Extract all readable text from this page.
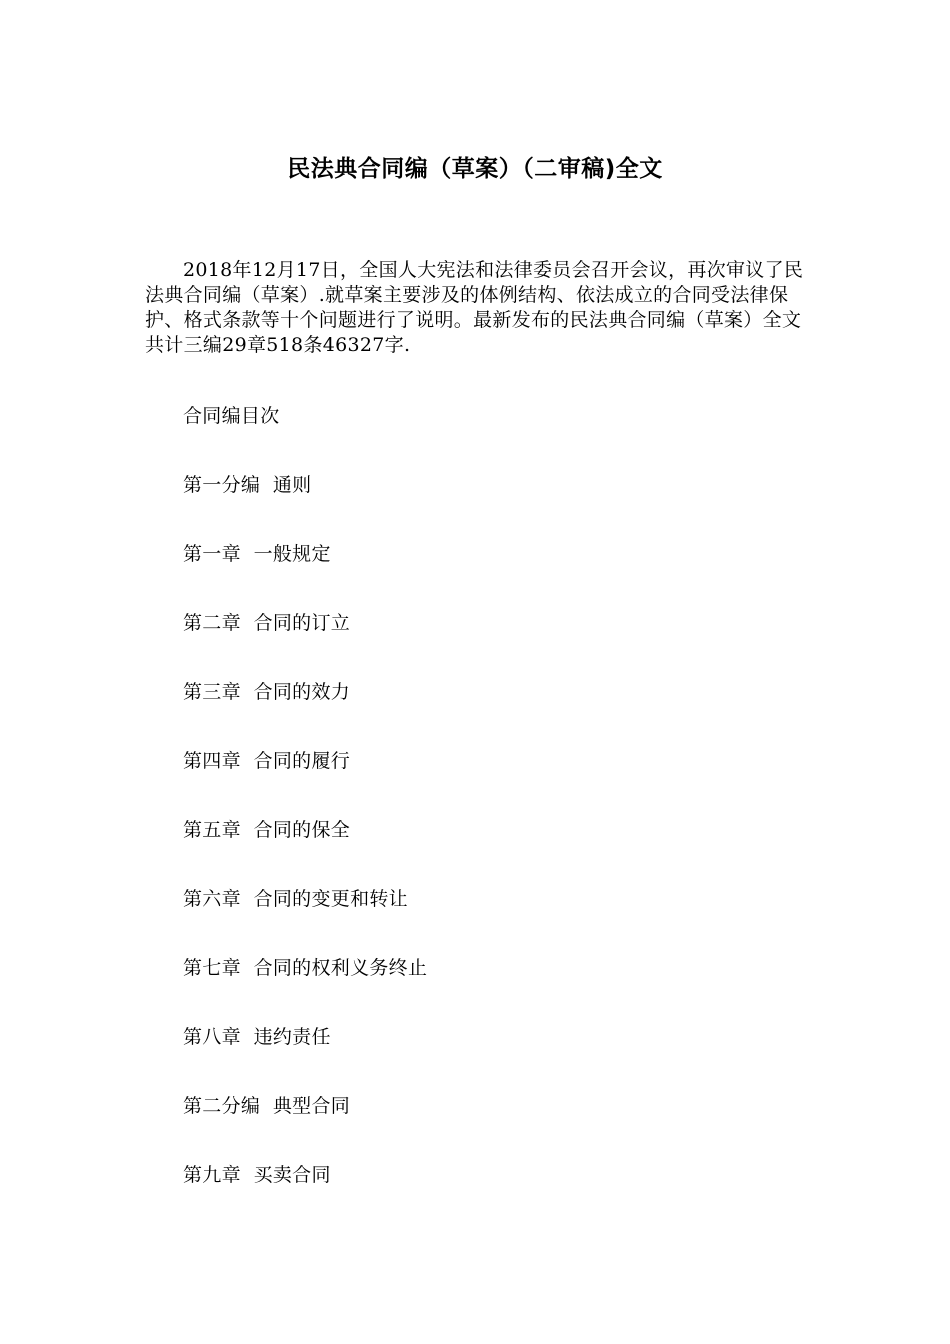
民法典合同编（草案）（二审稿)全文

2018年12月17日，全国人大宪法和法律委员会召开会议，再次审议了民法典合同编（草案）.就草案主要涉及的体例结构、依法成立的合同受法律保护、格式条款等十个问题进行了说明。最新发布的民法典合同编（草案）全文共计三编29章518条46327字.

合同编目次
第一分编  通则
第一章  一般规定
第二章  合同的订立
第三章  合同的效力
第四章  合同的履行
第五章  合同的保全
第六章  合同的变更和转让
第七章  合同的权利义务终止
第八章  违约责任
第二分编  典型合同
第九章  买卖合同
